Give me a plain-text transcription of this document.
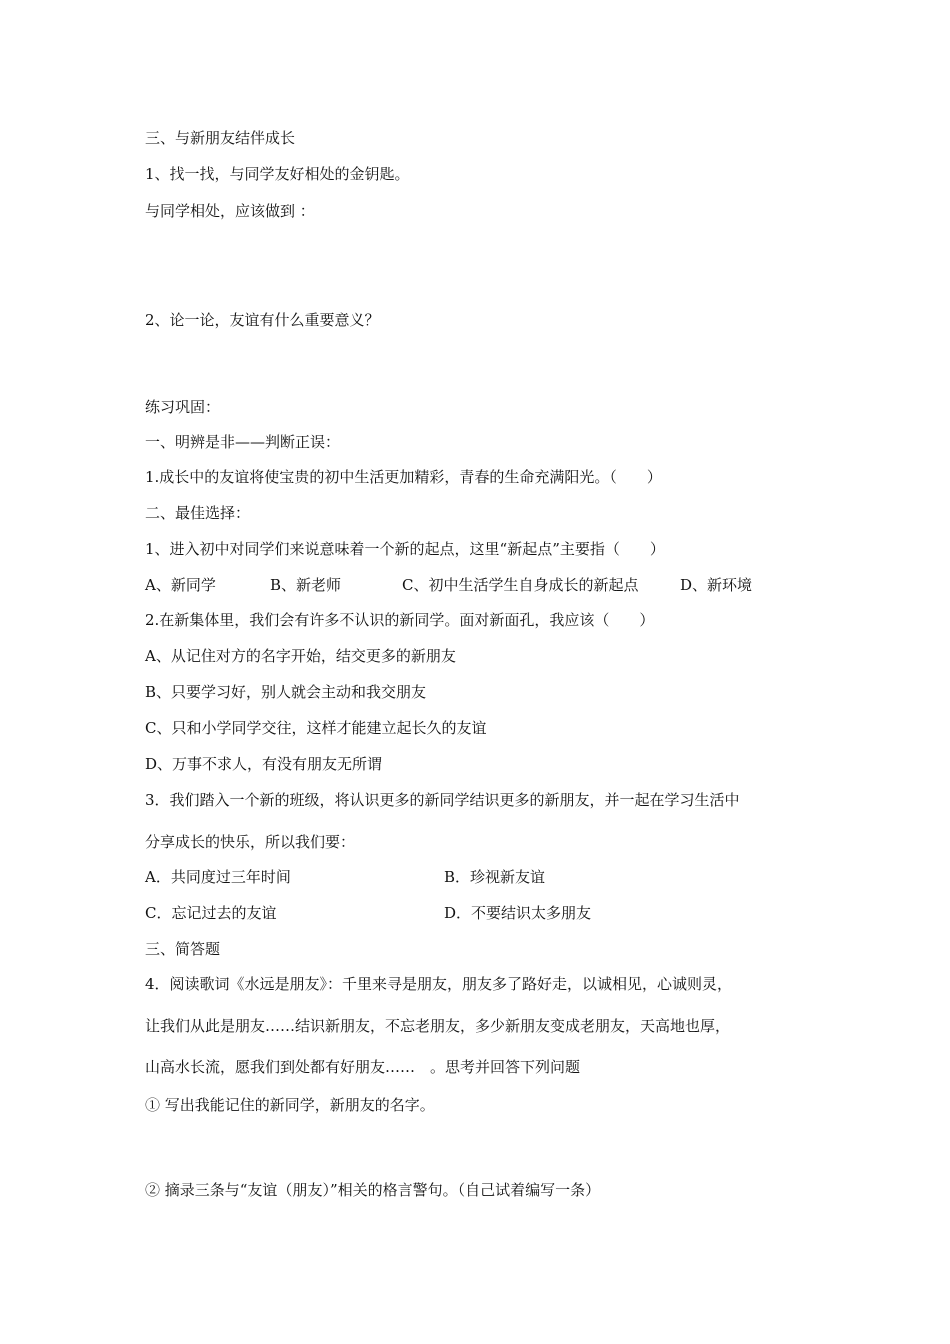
三、与新朋友结伴成长
1、找一找，与同学友好相处的金钥匙。
与同学相处，应该做到 ：
2、论一论，友谊有什么重要意义？
练习巩固：
一、明辨是非——判断正误：
1.成长中的友谊将使宝贵的初中生活更加精彩，青春的生命充满阳光。（　　）
二、最佳选择：
1、进入初中对同学们来说意味着一个新的起点，这里“新起点”主要指（　　）
A、新同学	B、新老师	C、初中生活学生自身成长的新起点	D、新环境
2.在新集体里，我们会有许多不认识的新同学。面对新面孔，我应该（　　）
A、从记住对方的名字开始，结交更多的新朋友
B、只要学习好，别人就会主动和我交朋友
C、只和小学同学交往，这样才能建立起长久的友谊
D、万事不求人，有没有朋友无所谓
3．我们踏入一个新的班级，将认识更多的新同学结识更多的新朋友，并一起在学习生活中
分享成长的快乐，所以我们要：
A．共同度过三年时间	B．珍视新友谊
C．忘记过去的友谊	D．不要结识太多朋友
三、简答题
4．阅读歌词《水远是朋友》：千里来寻是朋友，朋友多了路好走，以诚相见，心诚则灵，
让我们从此是朋友……结识新朋友，不忘老朋友，多少新朋友变成老朋友，天高地也厚，
山高水长流，愿我们到处都有好朋友……　。思考并回答下列问题
① 写出我能记住的新同学，新朋友的名字。
② 摘录三条与“友谊（朋友）”相关的格言警句。（自己试着编写一条）
